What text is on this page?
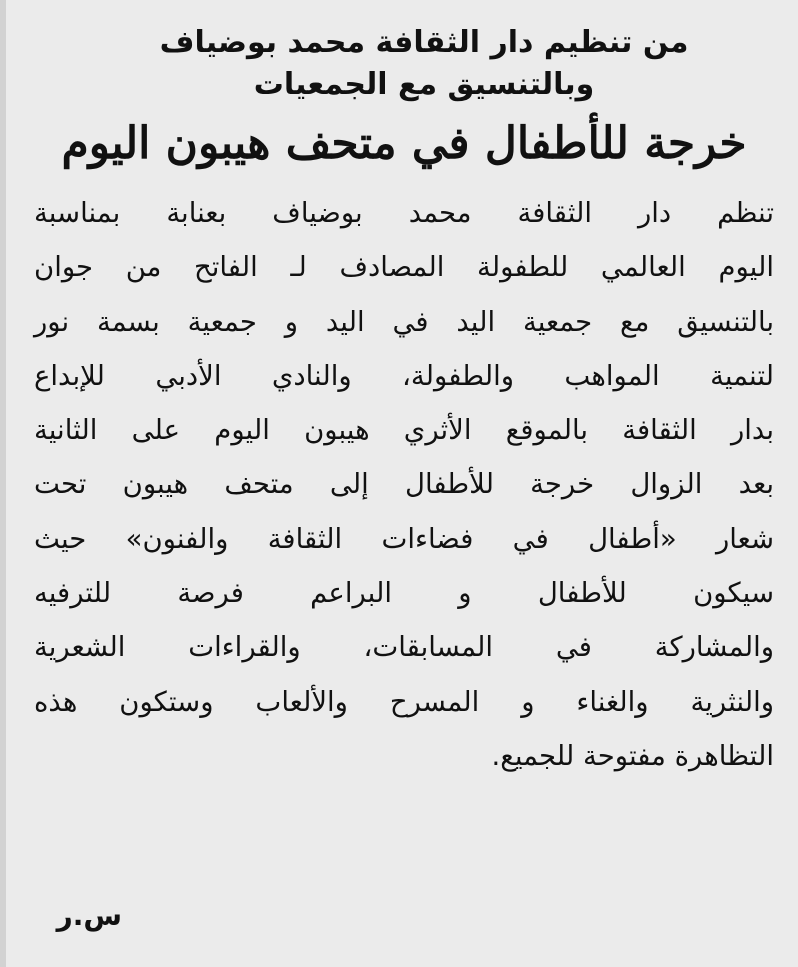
من تنظيم دار الثقافة محمد بوضياف

وبالتنسيق مع الجمعيات

خرجة للأطفال في متحف هيبون اليوم
تنظم دار الثقافة محمد بوضياف بعنابة بمناسبة
اليوم العالمي للطفولة المصادف لـ الفاتح من جوان
بالتنسيق مع جمعية اليد في اليد و جمعية بسمة نور
لتنمية المواهب والطفولة، والنادي الأدبي للإبداع
بدار الثقافة بالموقع الأثري هيبون اليوم على الثانية
بعد الزوال خرجة للأطفال إلى متحف هيبون تحت
شعار «أطفال في فضاءات الثقافة والفنون» حيث
سيكون للأطفال و البراعم فرصة للترفيه
والمشاركة في المسابقات، والقراءات الشعرية
والنثرية والغناء و المسرح والألعاب وستكون هذه
التظاهرة مفتوحة للجميع.
س.ر
